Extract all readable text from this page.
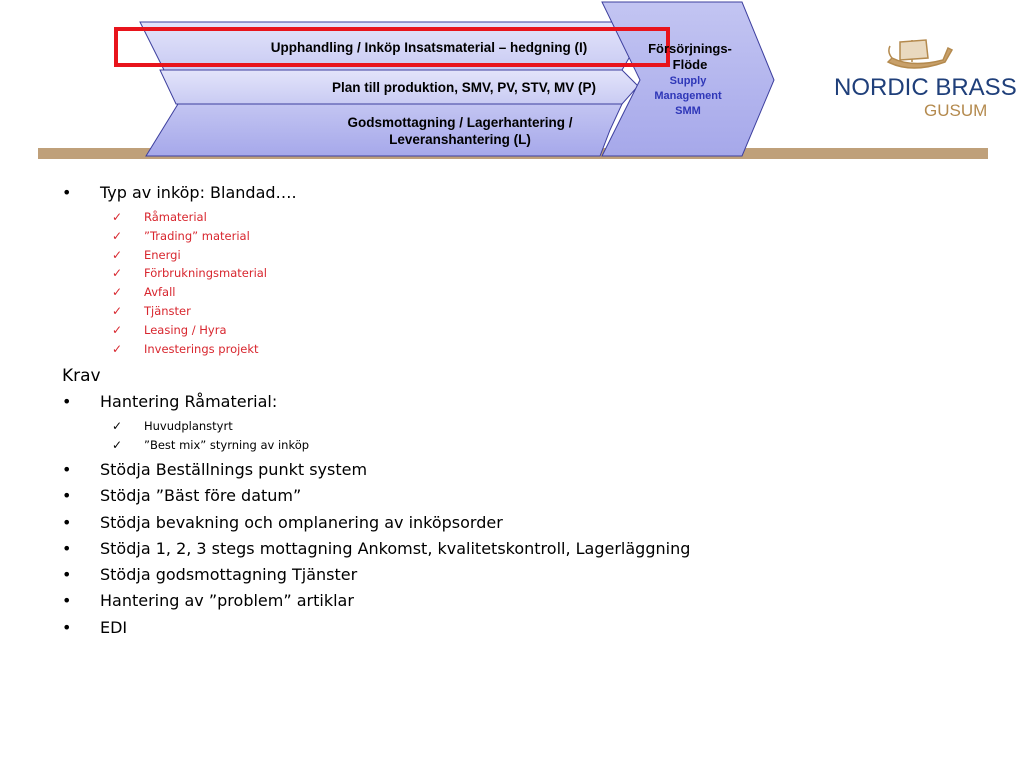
Upphandling / Inköp Insatsmaterial – hedgning (I)
Plan till produktion, SMV, PV, STV, MV (P)
Godsmottagning / Lagerhantering /
Leveranshantering (L)
Försörjnings-
Flöde
Supply
Management
SMM
NORDIC BRASS
GUSUM
• Typ av inköp: Blandad….
✓ Råmaterial
✓ ”Trading” material
✓ Energi
✓ Förbrukningsmaterial
✓ Avfall
✓ Tjänster
✓ Leasing / Hyra
✓ Investerings projekt
Krav
• Hantering Råmaterial:
✓ Huvudplanstyrt
✓ ”Best mix” styrning av inköp
• Stödja Beställnings punkt system
• Stödja ”Bäst före datum”
• Stödja bevakning och omplanering av inköpsorder
• Stödja 1, 2, 3 stegs mottagning Ankomst, kvalitetskontroll, Lagerläggning
• Stödja godsmottagning Tjänster
• Hantering av ”problem” artiklar
• EDI
